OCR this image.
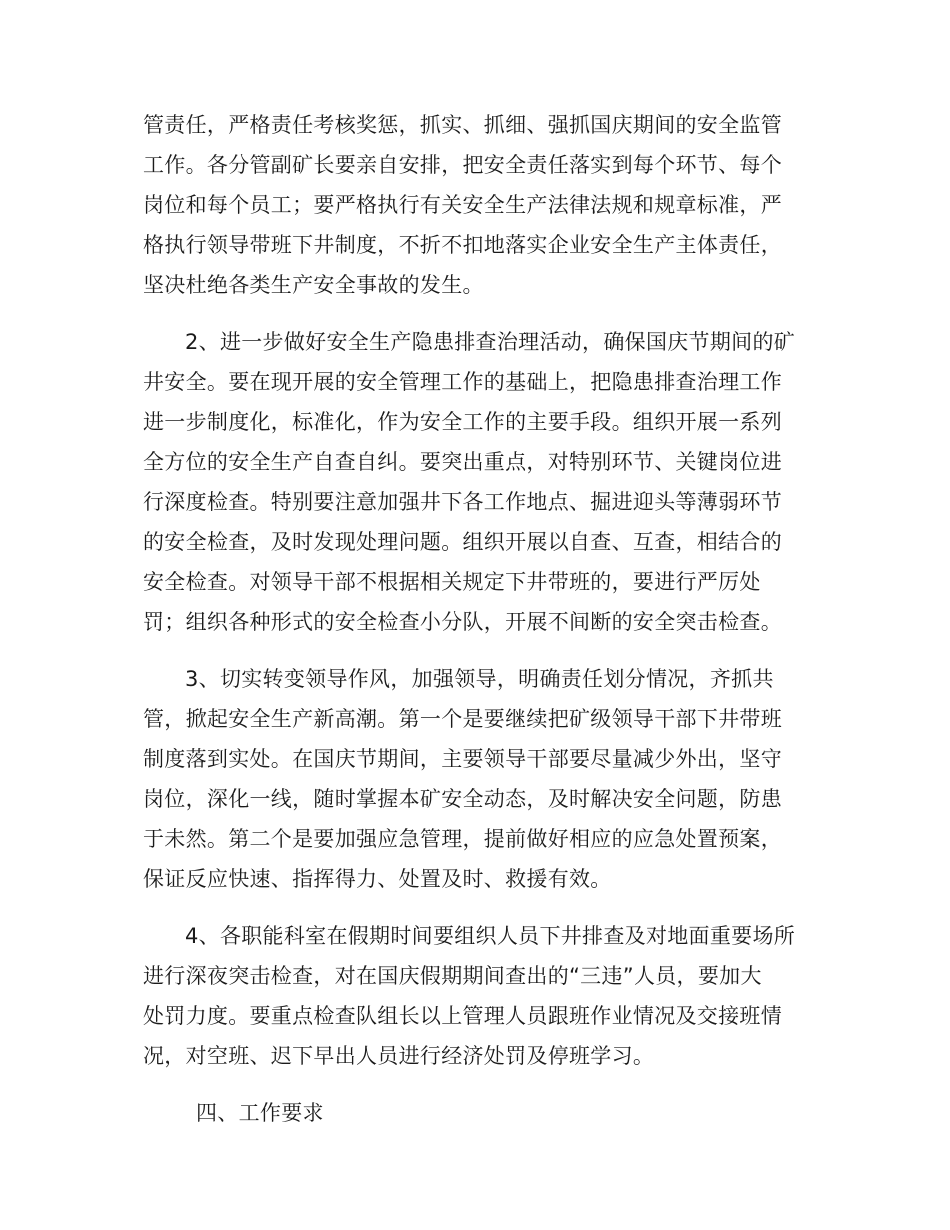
管责任，严格责任考核奖惩，抓实、抓细、强抓国庆期间的安全监管
工作。各分管副矿长要亲自安排，把安全责任落实到每个环节、每个
岗位和每个员工；要严格执行有关安全生产法律法规和规章标准，严
格执行领导带班下井制度，不折不扣地落实企业安全生产主体责任，
坚决杜绝各类生产安全事故的发生。
2、进一步做好安全生产隐患排查治理活动，确保国庆节期间的矿
井安全。要在现开展的安全管理工作的基础上，把隐患排查治理工作
进一步制度化，标准化，作为安全工作的主要手段。组织开展一系列
全方位的安全生产自查自纠。要突出重点，对特别环节、关键岗位进
行深度检查。特别要注意加强井下各工作地点、掘进迎头等薄弱环节
的安全检查，及时发现处理问题。组织开展以自查、互查，相结合的
安全检查。对领导干部不根据相关规定下井带班的，要进行严厉处
罚；组织各种形式的安全检查小分队，开展不间断的安全突击检查。
3、切实转变领导作风，加强领导，明确责任划分情况，齐抓共
管，掀起安全生产新高潮。第一个是要继续把矿级领导干部下井带班
制度落到实处。在国庆节期间，主要领导干部要尽量减少外出，坚守
岗位，深化一线，随时掌握本矿安全动态，及时解决安全问题，防患
于未然。第二个是要加强应急管理，提前做好相应的应急处置预案，
保证反应快速、指挥得力、处置及时、救援有效。
4、各职能科室在假期时间要组织人员下井排查及对地面重要场所
进行深夜突击检查，对在国庆假期期间查出的“三违”人员，要加大
处罚力度。要重点检查队组长以上管理人员跟班作业情况及交接班情
况，对空班、迟下早出人员进行经济处罚及停班学习。
四、工作要求
